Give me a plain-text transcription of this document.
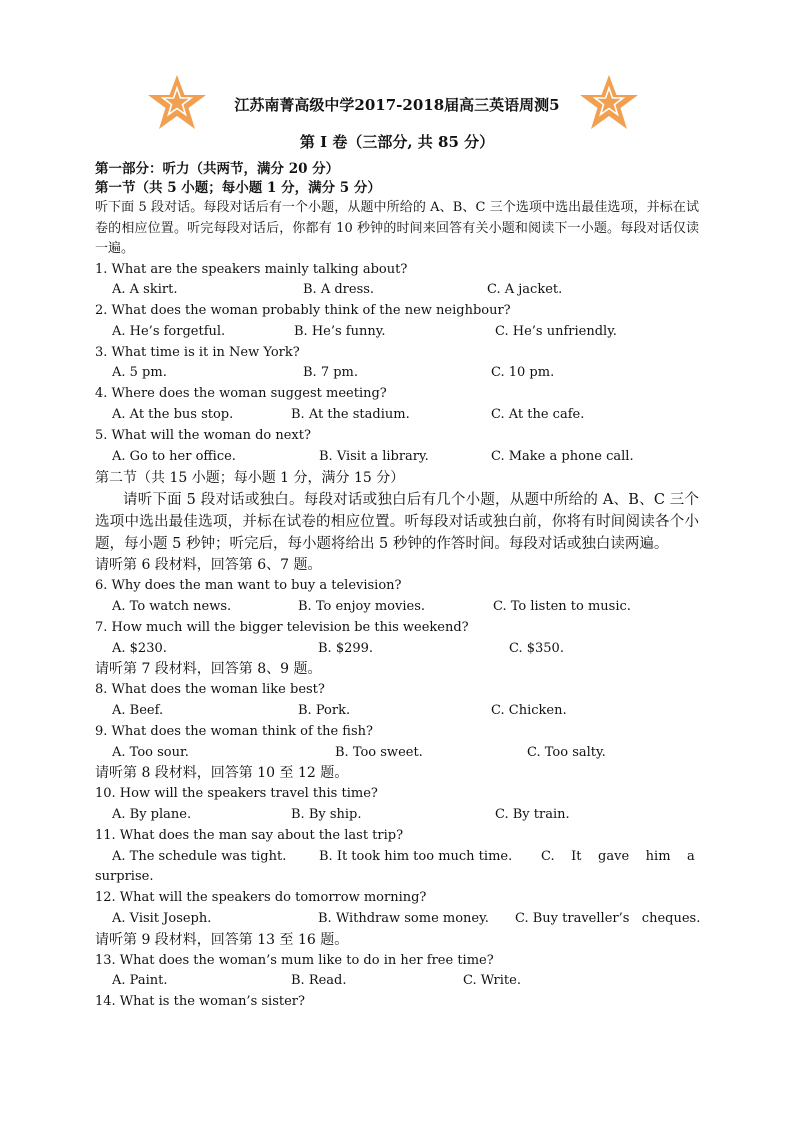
江苏南菁高级中学2017-2018届高三英语周测5
第 I 卷（三部分, 共 85 分）
第一部分：听力（共两节，满分 20 分）
第一节（共 5 小题；每小题 1 分，满分 5 分）
听下面 5 段对话。每段对话后有一个小题，从题中所给的 A、B、C 三个选项中选出最佳选项，并标在试卷的相应位置。听完每段对话后，你都有 10 秒钟的时间来回答有关小题和阅读下一小题。每段对话仅读一遍。
1. What are the speakers mainly talking about?
A. A skirt.	B. A dress.	C. A jacket.
2. What does the woman probably think of the new neighbour?
A. He’s forgetful.	B. He’s funny.	C. He’s unfriendly.
3. What time is it in New York?
A. 5 pm.	B. 7 pm.	C. 10 pm.
4. Where does the woman suggest meeting?
A. At the bus stop.	B. At the stadium.	C. At the cafe.
5. What will the woman do next?
A. Go to her office.	B. Visit a library.	C. Make a phone call.
第二节（共 15 小题；每小题 1 分，满分 15 分）
请听下面 5 段对话或独白。每段对话或独白后有几个小题，从题中所给的 A、B、C 三个选项中选出最佳选项，并标在试卷的相应位置。听每段对话或独白前，你将有时间阅读各个小题，每小题 5 秒钟；听完后，每小题将给出 5 秒钟的作答时间。每段对话或独白读两遍。
请听第 6 段材料，回答第 6、7 题。
6. Why does the man want to buy a television?
A. To watch news.	B. To enjoy movies.	C. To listen to music.
7. How much will the bigger television be this weekend?
A. $230.	B. $299.	C. $350.
请听第 7 段材料，回答第 8、9 题。
8. What does the woman like best?
A. Beef.	B. Pork.	C. Chicken.
9. What does the woman think of the fish?
A. Too sour.	B. Too sweet.	C. Too salty.
请听第 8 段材料，回答第 10 至 12 题。
10. How will the speakers travel this time?
A. By plane.	B. By ship.	C. By train.
11. What does the man say about the last trip?
A. The schedule was tight.	B. It took him too much time. C.    It    gave    him    a
surprise.
12. What will the speakers do tomorrow morning?
A. Visit Joseph.	B. Withdraw some money. C. Buy traveller’s   cheques.
请听第 9 段材料，回答第 13 至 16 题。
13. What does the woman’s mum like to do in her free time?
A. Paint.	B. Read.	C. Write.
14. What is the woman’s sister?
